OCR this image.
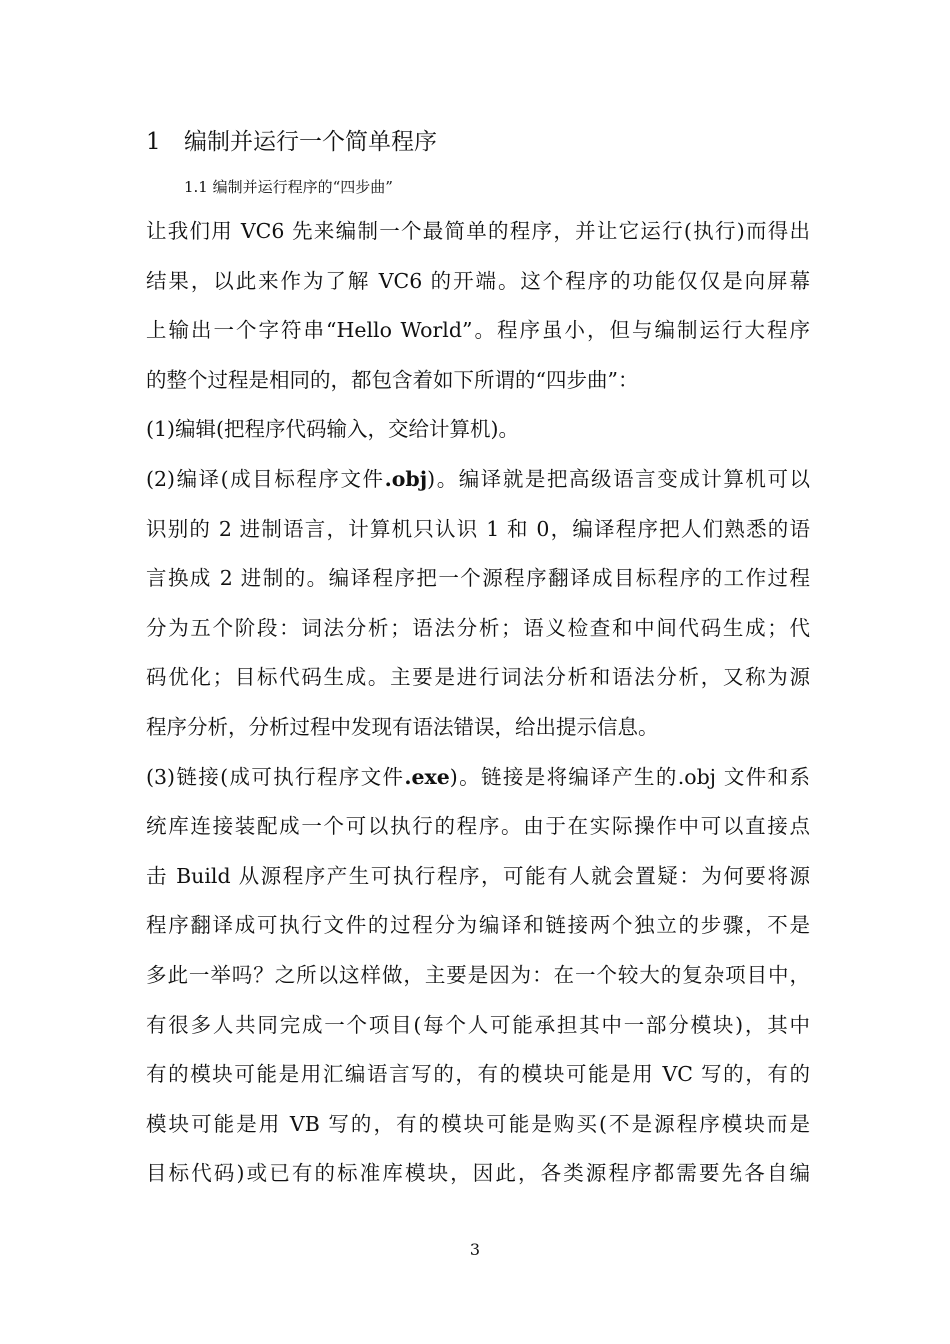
1 编制并运行一个简单程序
1.1 编制并运行程序的“四步曲”
让我们用 VC6 先来编制一个最简单的程序，并让它运行(执行)而得出
结果，以此来作为了解 VC6 的开端。这个程序的功能仅仅是向屏幕
上输出一个字符串“Hello World”。程序虽小，但与编制运行大程序
的整个过程是相同的，都包含着如下所谓的“四步曲”：
(1)编辑(把程序代码输入，交给计算机)。
(2)编译(成目标程序文件.obj)。编译就是把高级语言变成计算机可以
识别的 2 进制语言，计算机只认识 1 和 0，编译程序把人们熟悉的语
言换成 2 进制的。编译程序把一个源程序翻译成目标程序的工作过程
分为五个阶段：词法分析；语法分析；语义检查和中间代码生成；代
码优化；目标代码生成。主要是进行词法分析和语法分析，又称为源
程序分析，分析过程中发现有语法错误，给出提示信息。
(3)链接(成可执行程序文件.exe)。链接是将编译产生的.obj 文件和系
统库连接装配成一个可以执行的程序。由于在实际操作中可以直接点
击 Build 从源程序产生可执行程序，可能有人就会置疑：为何要将源
程序翻译成可执行文件的过程分为编译和链接两个独立的步骤，不是
多此一举吗？之所以这样做，主要是因为：在一个较大的复杂项目中，
有很多人共同完成一个项目(每个人可能承担其中一部分模块)，其中
有的模块可能是用汇编语言写的，有的模块可能是用 VC 写的，有的
模块可能是用 VB 写的，有的模块可能是购买(不是源程序模块而是
目标代码)或已有的标准库模块，因此，各类源程序都需要先各自编
3
